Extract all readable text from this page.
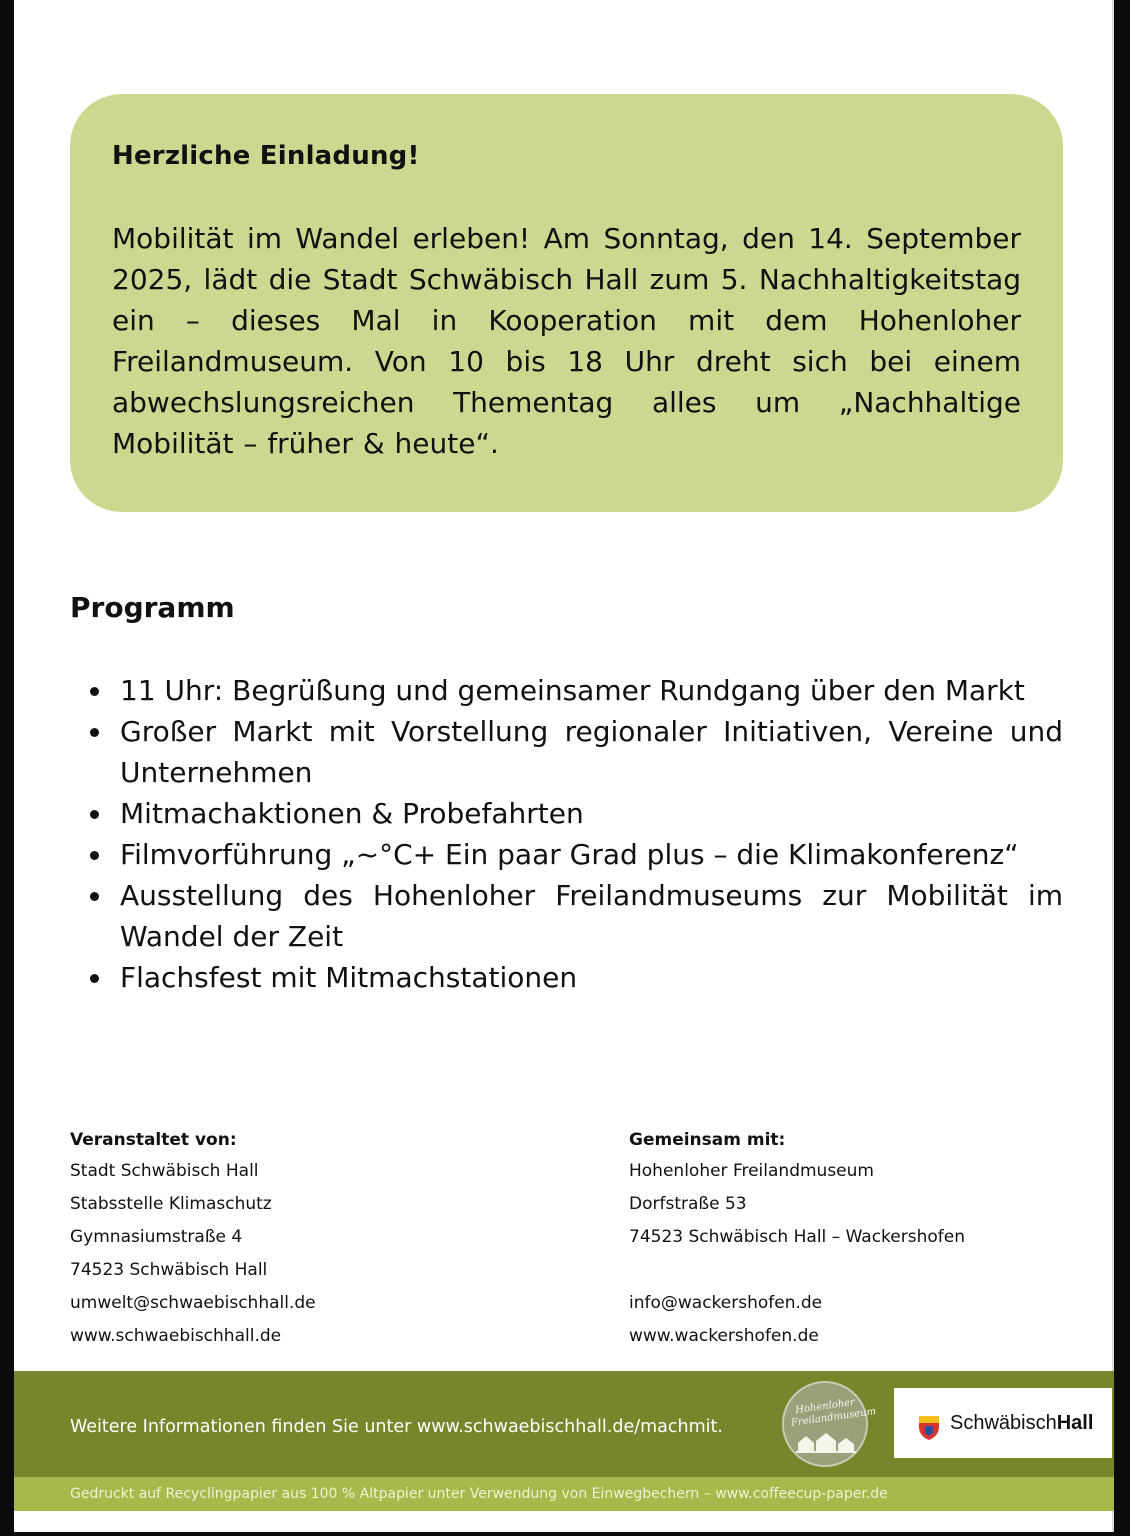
Herzliche Einladung!

Mobilität im Wandel erleben! Am Sonntag, den 14. September 2025, lädt die Stadt Schwäbisch Hall zum 5. Nachhaltigkeitstag ein – dieses Mal in Kooperation mit dem Hohenloher Freilandmuseum. Von 10 bis 18 Uhr dreht sich bei einem abwechslungsreichen Thementag alles um „Nachhaltige Mobilität – früher & heute“.

Programm
11 Uhr: Begrüßung und gemeinsamer Rundgang über den Markt
Großer Markt mit Vorstellung regionaler Initiativen, Vereine und Unternehmen
Mitmachaktionen & Probefahrten
Filmvorführung „~°C+ Ein paar Grad plus – die Klimakonferenz“
Ausstellung des Hohenloher Freilandmuseums zur Mobilität im Wandel der Zeit
Flachsfest mit Mitmachstationen
Veranstaltet von:
Stadt Schwäbisch Hall
Stabsstelle Klimaschutz
Gymnasiumstraße 4
74523 Schwäbisch Hall
umwelt@schwaebischhall.de
www.schwaebischhall.de
Gemeinsam mit:
Hohenloher Freilandmuseum
Dorfstraße 53
74523 Schwäbisch Hall – Wackershofen
info@wackershofen.de
www.wackershofen.de
Weitere Informationen finden Sie unter www.schwaebischhall.de/machmit.
Hohenloher Freilandmuseum	SchwäbischHall
Gedruckt auf Recyclingpapier aus 100 % Altpapier unter Verwendung von Einwegbechern – www.coffeecup-paper.de
